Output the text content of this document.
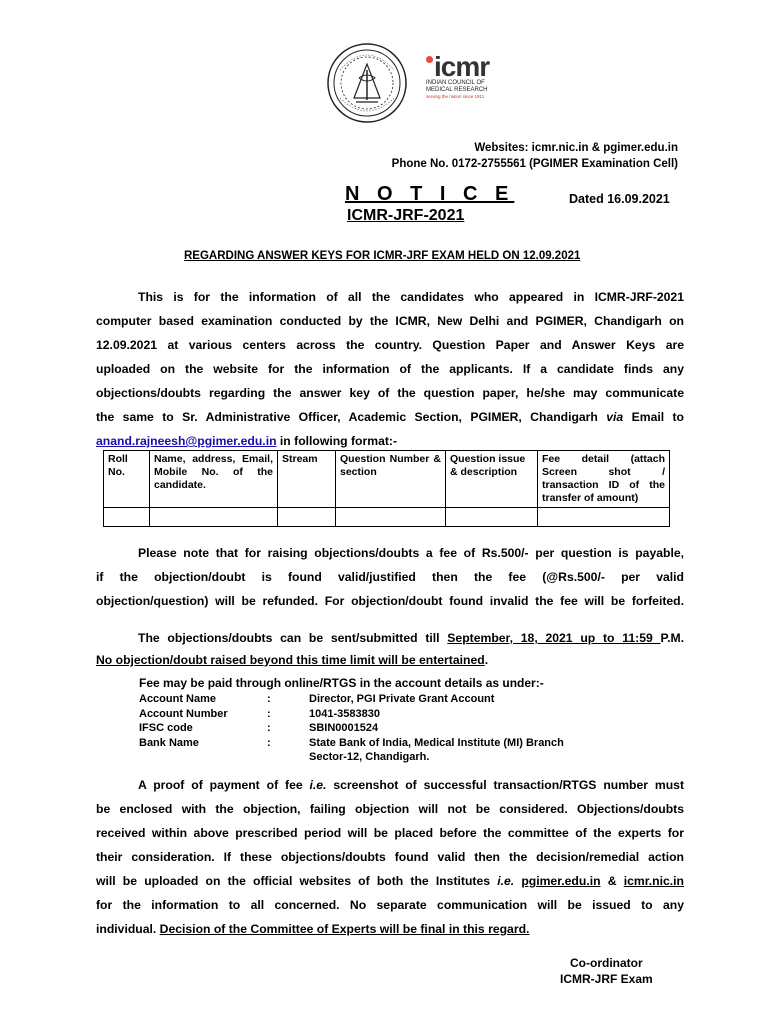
icmr
INDIAN COUNCIL OF
MEDICAL RESEARCH
serving the nation since 1911
Websites: icmr.nic.in & pgimer.edu.in
Phone No. 0172-2755561 (PGIMER Examination Cell)
N O T I C E	Dated 16.09.2021
ICMR-JRF-2021
REGARDING ANSWER KEYS FOR ICMR-JRF EXAM HELD ON 12.09.2021
This is for the information of all the candidates who appeared in ICMR-JRF-2021
computer based examination conducted by the ICMR, New Delhi and PGIMER, Chandigarh on
12.09.2021 at various centers across the country. Question Paper and Answer Keys are
uploaded on the website for the information of the applicants. If a candidate finds any
objections/doubts regarding the answer key of the question paper, he/she may communicate
the same to Sr. Administrative Officer, Academic Section, PGIMER, Chandigarh via Email to
anand.rajneesh@pgimer.edu.in in following format:-
Roll No.	Name, address, Email, Mobile No. of the candidate.	Stream	Question Number & section	Question issue & description	Fee detail (attach Screen shot / transaction ID of the transfer of amount)

Please note that for raising objections/doubts a fee of Rs.500/- per question is payable,
if the objection/doubt is found valid/justified then the fee (@Rs.500/- per valid
objection/question) will be refunded. For objection/doubt found invalid the fee will be forfeited.
The objections/doubts can be sent/submitted till September, 18, 2021 up to 11:59 P.M.
No objection/doubt raised beyond this time limit will be entertained.
Fee may be paid through online/RTGS in the account details as under:-
Account Name	:	Director, PGI Private Grant Account
Account Number	:	1041-3583830
IFSC code	:	SBIN0001524
Bank Name	:	State Bank of India, Medical Institute (MI) Branch
Sector-12, Chandigarh.
A proof of payment of fee i.e. screenshot of successful transaction/RTGS number must
be enclosed with the objection, failing objection will not be considered. Objections/doubts
received within above prescribed period will be placed before the committee of the experts for
their consideration. If these objections/doubts found valid then the decision/remedial action
will be uploaded on the official websites of both the Institutes i.e. pgimer.edu.in & icmr.nic.in
for the information to all concerned. No separate communication will be issued to any
individual. Decision of the Committee of Experts will be final in this regard.
Co-ordinator
ICMR-JRF Exam
